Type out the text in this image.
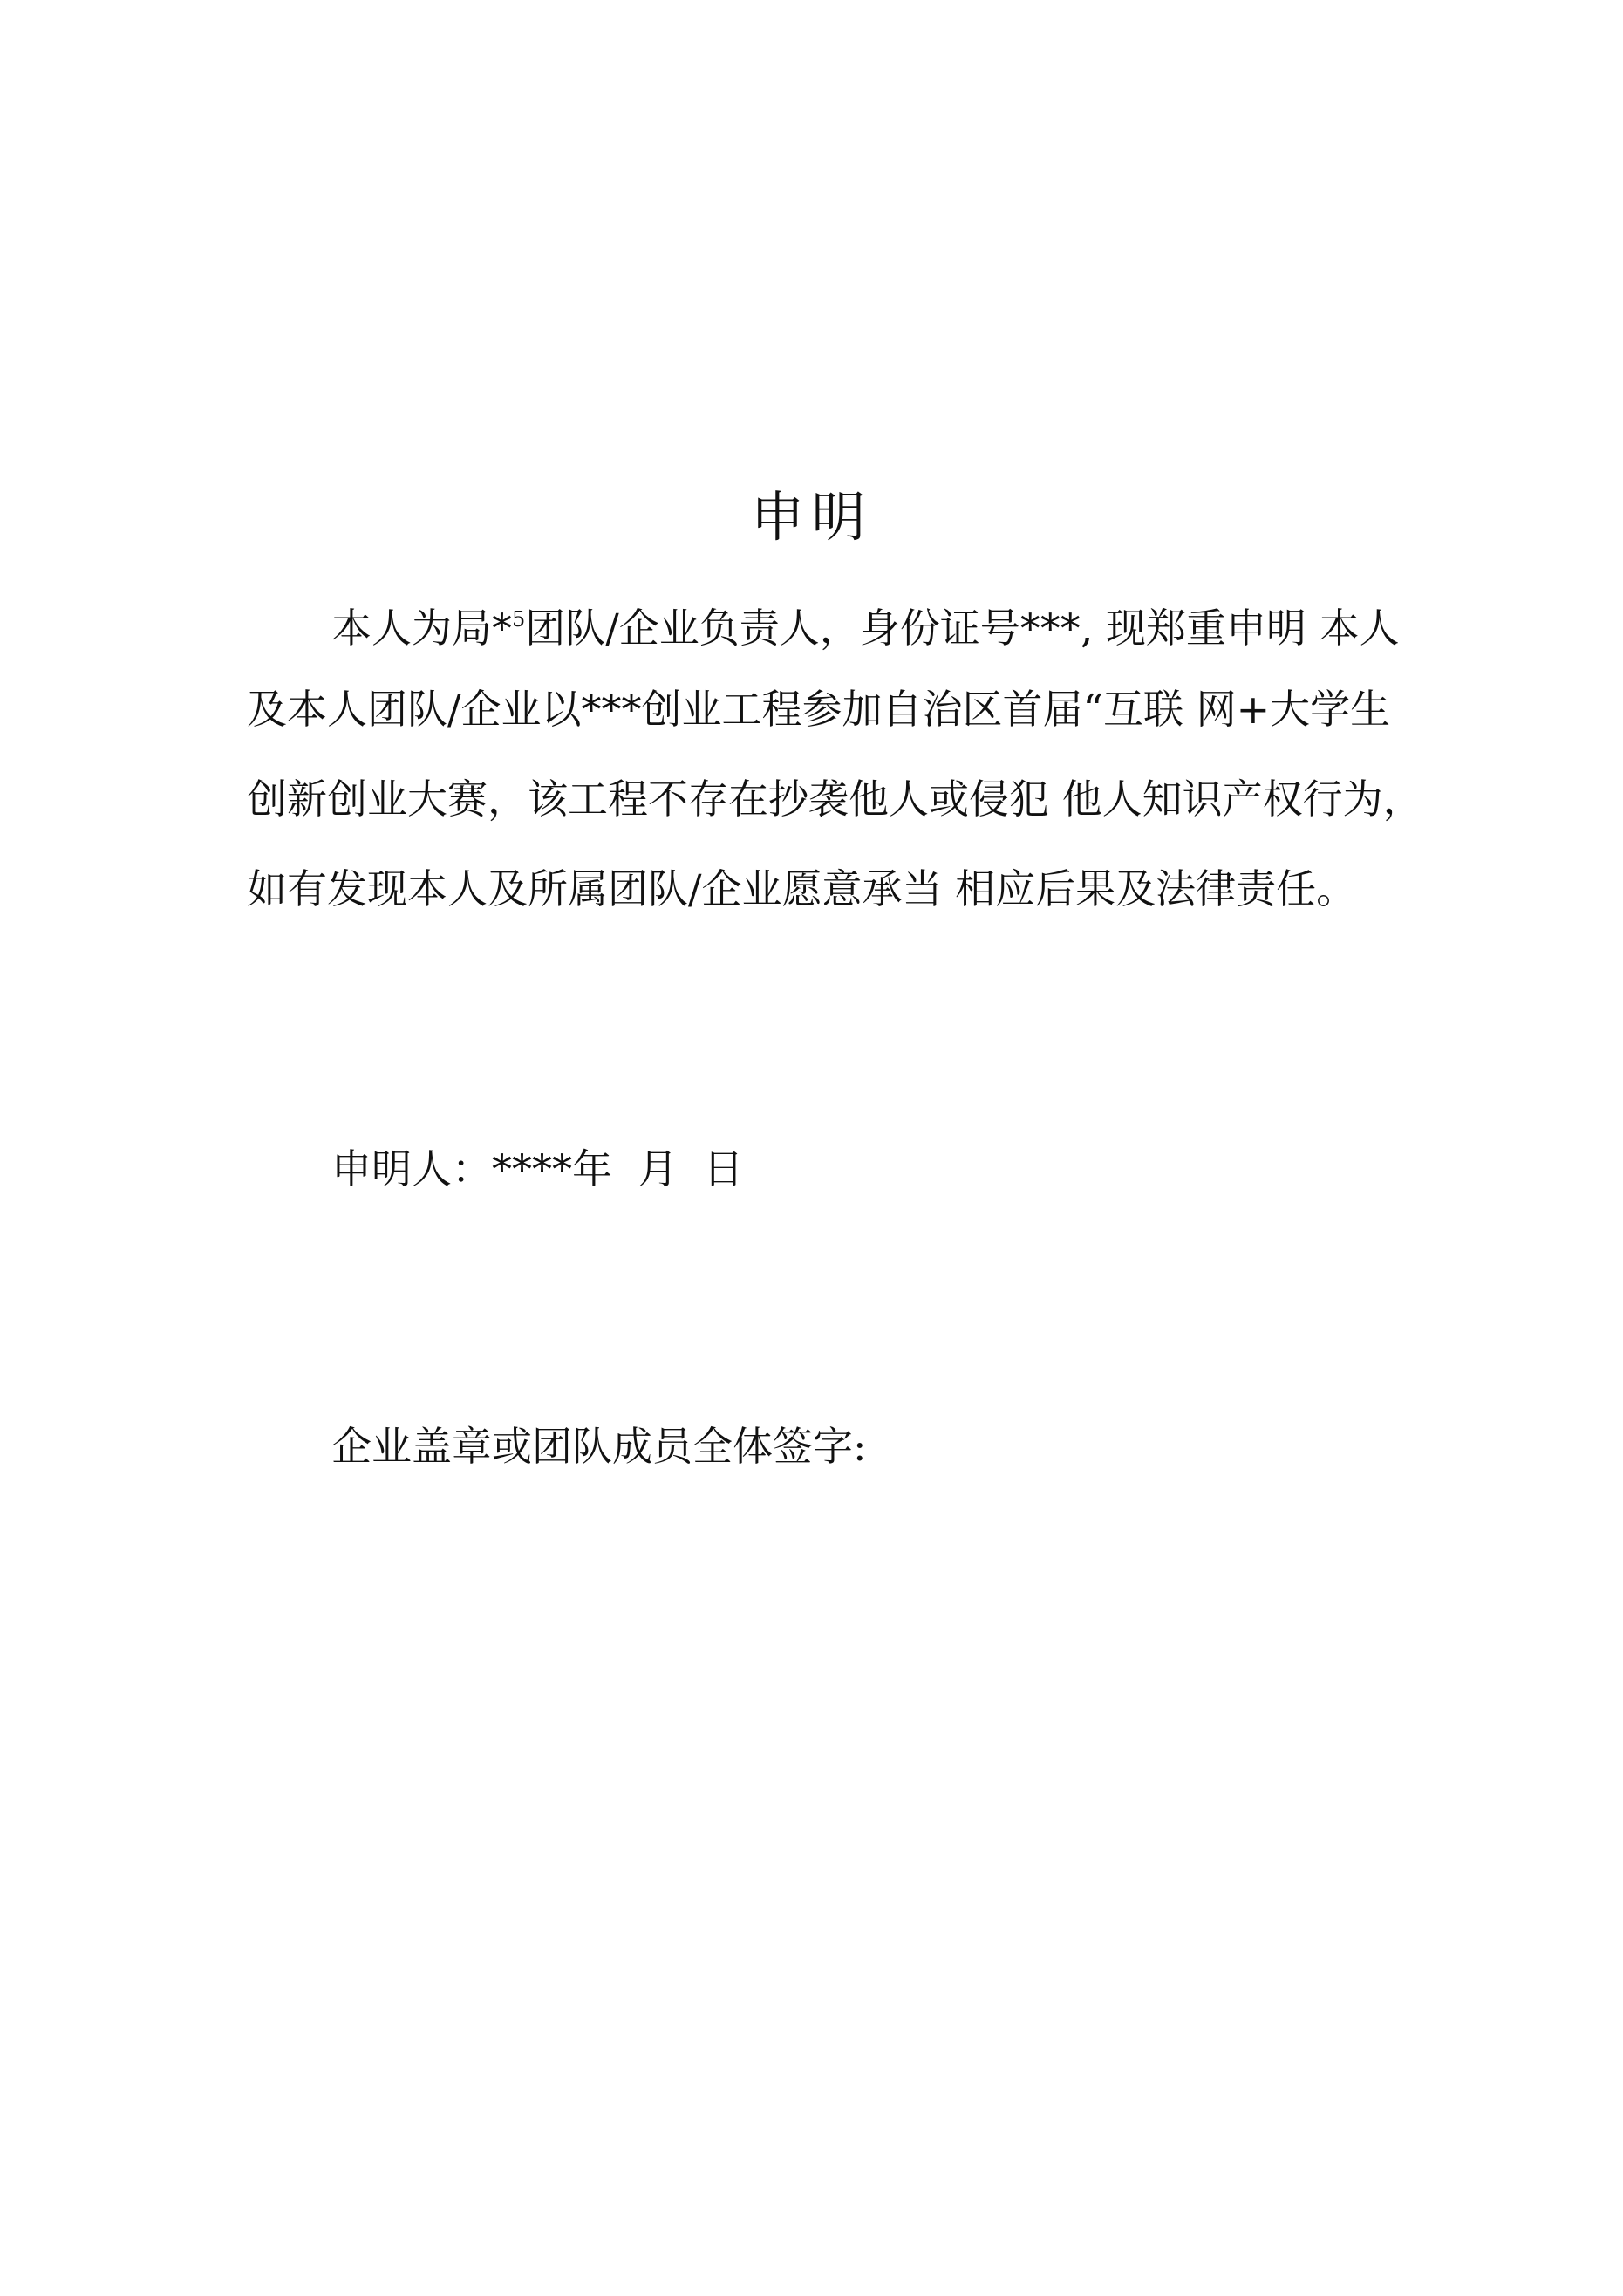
申明

本人为局*$^5$团队/企业负责人，身份证号***, 现郑重申明 本人

及本人团队/企业以***创业工程参加自治区首届“互联 网+大学生

创新创业大赛，该工程不存在抄袭他人或侵犯 他人知识产权行为，

如有发现本人及所属团队/企业愿意承当 相应后果及法律责任。

申明人：****年  月  日

企业盖章或团队成员全体签字:
